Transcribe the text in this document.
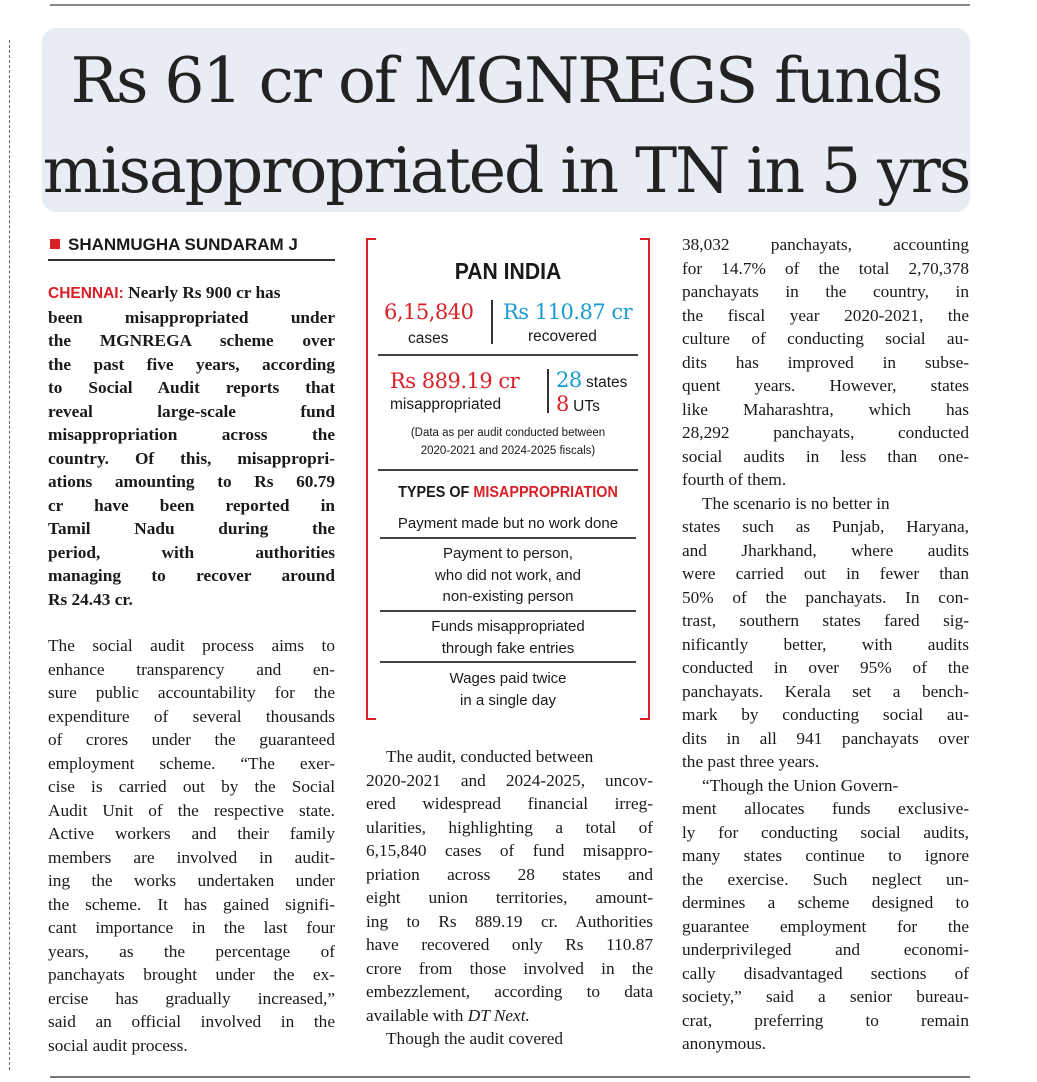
Rs 61 cr of MGNREGS funds
misappropriated in TN in 5 yrs
SHANMUGHA SUNDARAM J
CHENNAI: Nearly Rs 900 cr has
been misappropriated under
the MGNREGA scheme over
the past five years, according
to Social Audit reports that
reveal large-scale fund
misappropriation across the
country. Of this, misappropri-
ations amounting to Rs 60.79
cr have been reported in
Tamil Nadu during the
period, with authorities
managing to recover around
Rs 24.43 cr.
The social audit process aims to
enhance transparency and en-
sure public accountability for the
expenditure of several thousands
of crores under the guaranteed
employment scheme. “The exer-
cise is carried out by the Social
Audit Unit of the respective state.
Active workers and their family
members are involved in audit-
ing the works undertaken under
the scheme. It has gained signifi-
cant importance in the last four
years, as the percentage of
panchayats brought under the ex-
ercise has gradually increased,”
said an official involved in the
social audit process.
PAN INDIA
6,15,840
cases
Rs 110.87 cr
recovered
Rs 889.19 cr
misappropriated
28 states
8 UTs
(Data as per audit conducted between
2020-2021 and 2024-2025 fiscals)
TYPES OF MISAPPROPRIATION
Payment made but no work done
Payment to person,
who did not work, and
non-existing person
Funds misappropriated
through fake entries
Wages paid twice
in a single day

The audit, conducted between

2020-2021 and 2024-2025, uncov-
ered widespread financial irreg-
ularities, highlighting a total of
6,15,840 cases of fund misappro-
priation across 28 states and
eight union territories, amount-
ing to Rs 889.19 cr. Authorities
have recovered only Rs 110.87
crore from those involved in the
embezzlement, according to data
available with DT Next.

Though the audit covered

38,032 panchayats, accounting
for 14.7% of the total 2,70,378
panchayats in the country, in
the fiscal year 2020-2021, the
culture of conducting social au-
dits has improved in subse-
quent years. However, states
like Maharashtra, which has
28,292 panchayats, conducted
social audits in less than one-
fourth of them.

The scenario is no better in

states such as Punjab, Haryana,
and Jharkhand, where audits
were carried out in fewer than
50% of the panchayats. In con-
trast, southern states fared sig-
nificantly better, with audits
conducted in over 95% of the
panchayats. Kerala set a bench-
mark by conducting social au-
dits in all 941 panchayats over
the past three years.

“Though the Union Govern-

ment allocates funds exclusive-
ly for conducting social audits,
many states continue to ignore
the exercise. Such neglect un-
dermines a scheme designed to
guarantee employment for the
underprivileged and economi-
cally disadvantaged sections of
society,” said a senior bureau-
crat, preferring to remain
anonymous.
